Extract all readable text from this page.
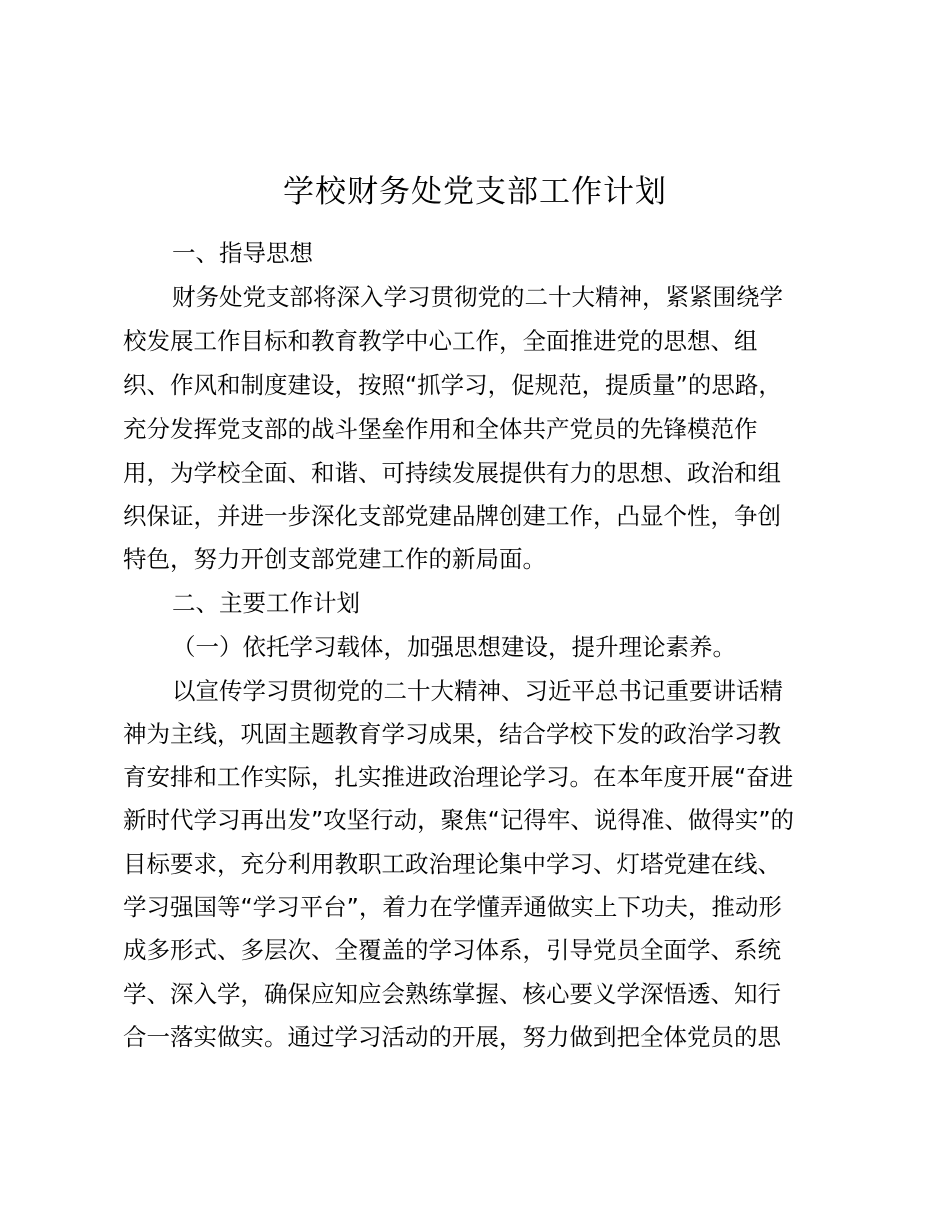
学校财务处党支部工作计划

一、指导思想

财务处党支部将深入学习贯彻党的二十大精神，紧紧围绕学

校发展工作目标和教育教学中心工作，全面推进党的思想、组

织、作风和制度建设，按照“抓学习，促规范，提质量”的思路，

充分发挥党支部的战斗堡垒作用和全体共产党员的先锋模范作

用，为学校全面、和谐、可持续发展提供有力的思想、政治和组

织保证，并进一步深化支部党建品牌创建工作，凸显个性，争创

特色，努力开创支部党建工作的新局面。

二、主要工作计划

（一）依托学习载体，加强思想建设，提升理论素养。

以宣传学习贯彻党的二十大精神、习近平总书记重要讲话精

神为主线，巩固主题教育学习成果，结合学校下发的政治学习教

育安排和工作实际，扎实推进政治理论学习。在本年度开展“奋进

新时代学习再出发”攻坚行动，聚焦“记得牢、说得准、做得实”的

目标要求，充分利用教职工政治理论集中学习、灯塔党建在线、

学习强国等“学习平台”，着力在学懂弄通做实上下功夫，推动形

成多形式、多层次、全覆盖的学习体系，引导党员全面学、系统

学、深入学，确保应知应会熟练掌握、核心要义学深悟透、知行

合一落实做实。通过学习活动的开展，努力做到把全体党员的思
